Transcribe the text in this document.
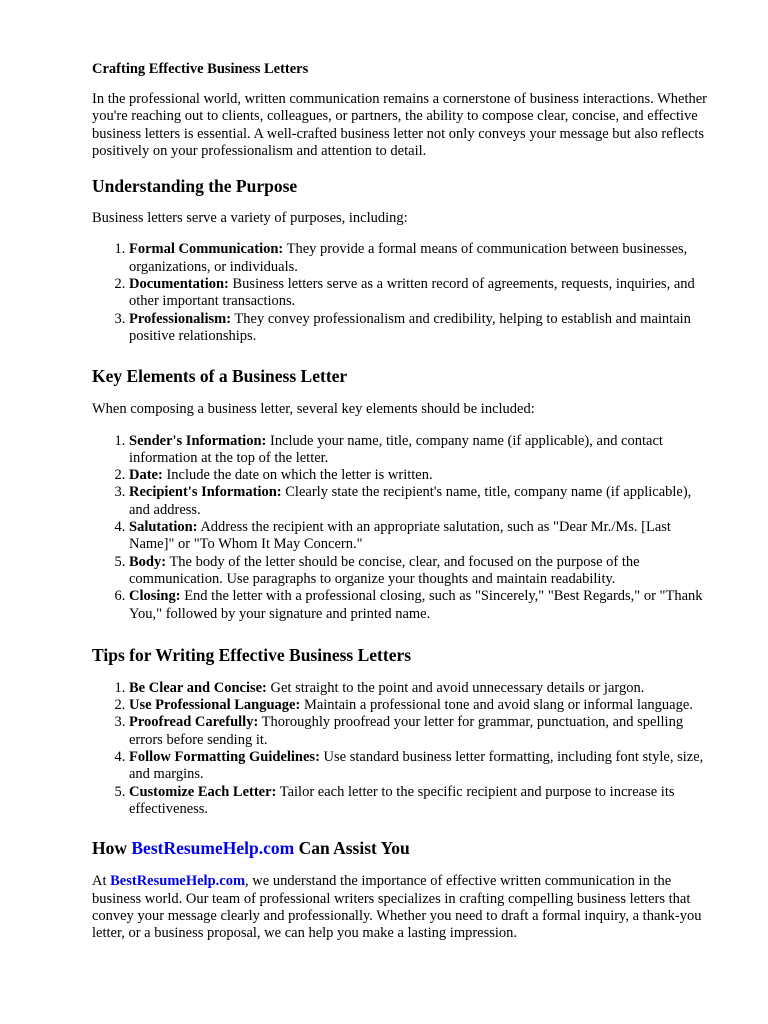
Crafting Effective Business Letters

In the professional world, written communication remains a cornerstone of business interactions. Whether you're reaching out to clients, colleagues, or partners, the ability to compose clear, concise, and effective business letters is essential. A well-crafted business letter not only conveys your message but also reflects positively on your professionalism and attention to detail.

Understanding the Purpose

Business letters serve a variety of purposes, including:

1. Formal Communication: They provide a formal means of communication between businesses, organizations, or individuals.
2. Documentation: Business letters serve as a written record of agreements, requests, inquiries, and other important transactions.
3. Professionalism: They convey professionalism and credibility, helping to establish and maintain positive relationships.
Key Elements of a Business Letter

When composing a business letter, several key elements should be included:

1. Sender's Information: Include your name, title, company name (if applicable), and contact information at the top of the letter.
2. Date: Include the date on which the letter is written.
3. Recipient's Information: Clearly state the recipient's name, title, company name (if applicable), and address.
4. Salutation: Address the recipient with an appropriate salutation, such as "Dear Mr./Ms. [Last Name]" or "To Whom It May Concern."
5. Body: The body of the letter should be concise, clear, and focused on the purpose of the communication. Use paragraphs to organize your thoughts and maintain readability.
6. Closing: End the letter with a professional closing, such as "Sincerely," "Best Regards," or "Thank You," followed by your signature and printed name.
Tips for Writing Effective Business Letters
1. Be Clear and Concise: Get straight to the point and avoid unnecessary details or jargon.
2. Use Professional Language: Maintain a professional tone and avoid slang or informal language.
3. Proofread Carefully: Thoroughly proofread your letter for grammar, punctuation, and spelling errors before sending it.
4. Follow Formatting Guidelines: Use standard business letter formatting, including font style, size, and margins.
5. Customize Each Letter: Tailor each letter to the specific recipient and purpose to increase its effectiveness.
How BestResumeHelp.com Can Assist You

At BestResumeHelp.com, we understand the importance of effective written communication in the business world. Our team of professional writers specializes in crafting compelling business letters that convey your message clearly and professionally. Whether you need to draft a formal inquiry, a thank-you letter, or a business proposal, we can help you make a lasting impression.
